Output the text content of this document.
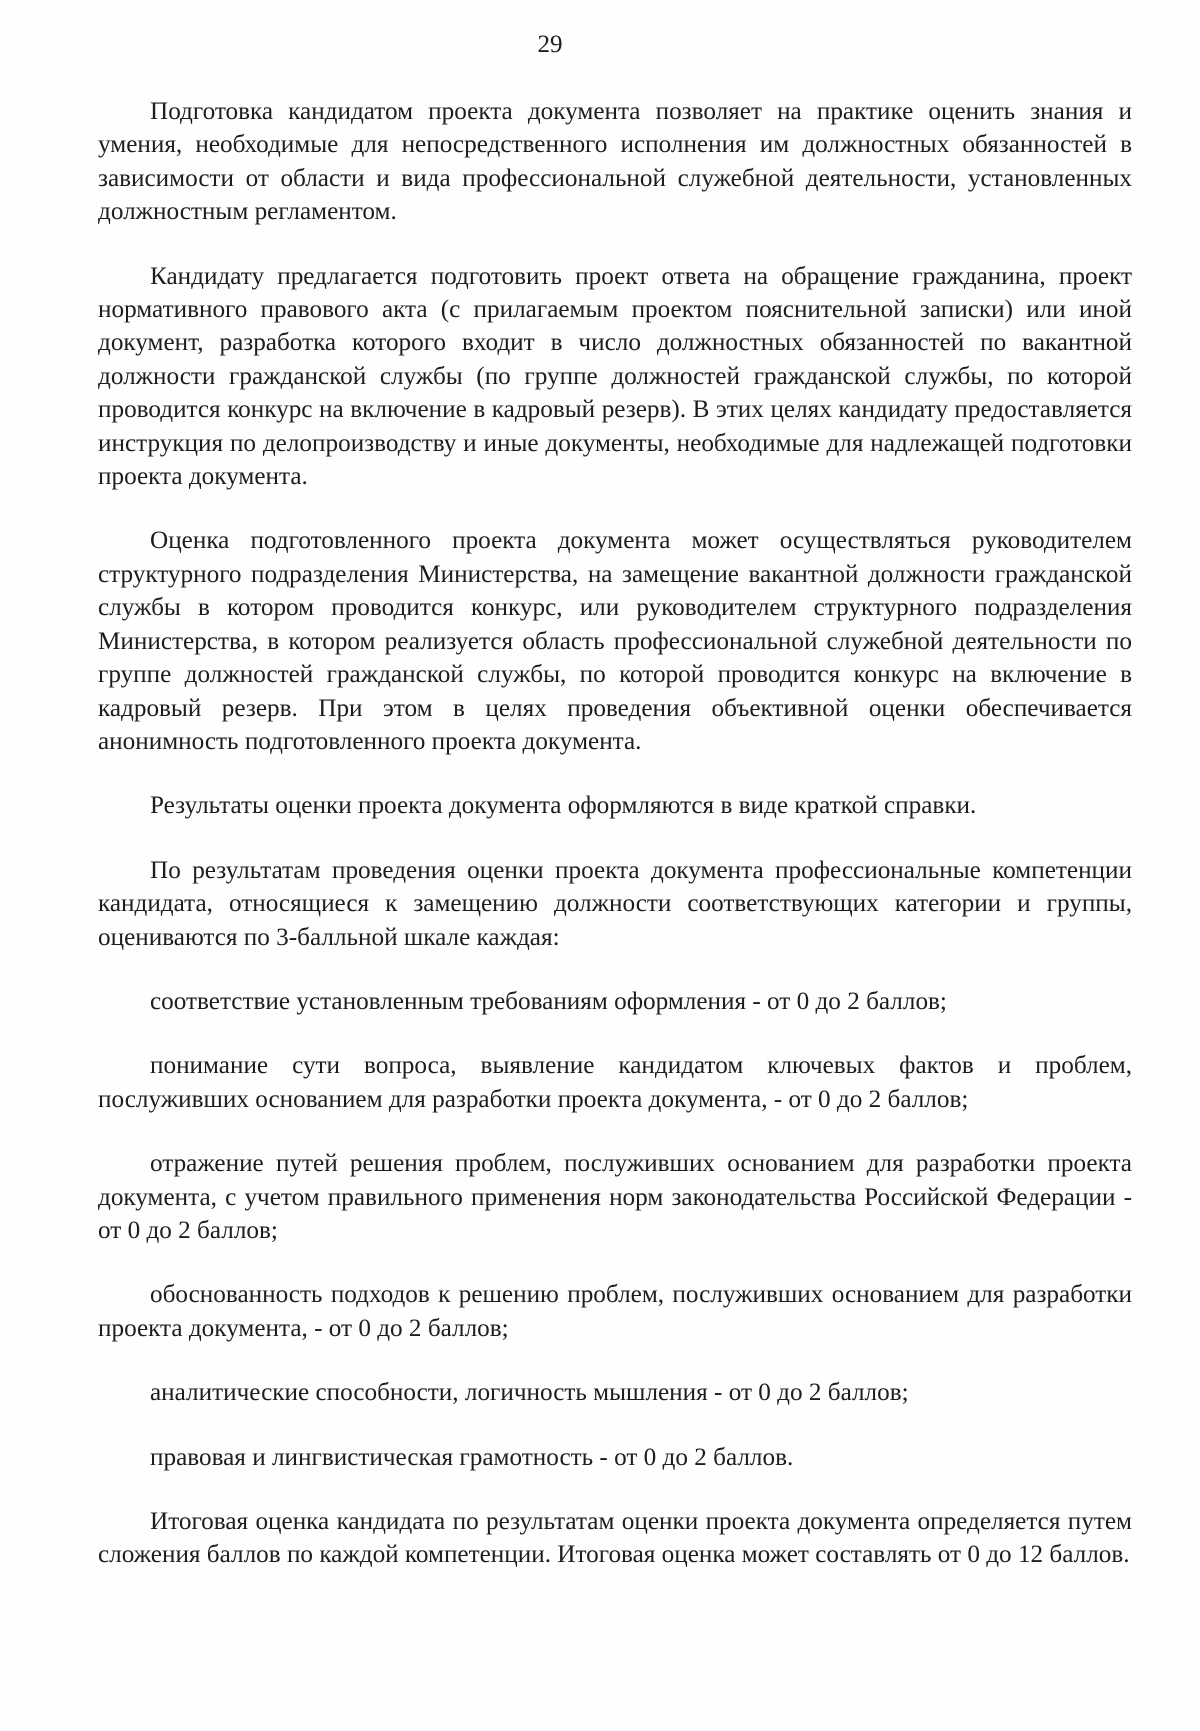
29

Подготовка кандидатом проекта документа позволяет на практике оценить знания и умения, необходимые для непосредственного исполнения им должностных обязанностей в зависимости от области и вида профессиональной служебной деятельности, установленных должностным регламентом.

Кандидату предлагается подготовить проект ответа на обращение гражданина, проект нормативного правового акта (с прилагаемым проектом пояснительной записки) или иной документ, разработка которого входит в число должностных обязанностей по вакантной должности гражданской службы (по группе должностей гражданской службы, по которой проводится конкурс на включение в кадровый резерв). В этих целях кандидату предоставляется инструкция по делопроизводству и иные документы, необходимые для надлежащей подготовки проекта документа.

Оценка подготовленного проекта документа может осуществляться руководителем структурного подразделения Министерства, на замещение вакантной должности гражданской службы в котором проводится конкурс, или руководителем структурного подразделения Министерства, в котором реализуется область профессиональной служебной деятельности по группе должностей гражданской службы, по которой проводится конкурс на включение в кадровый резерв. При этом в целях проведения объективной оценки обеспечивается анонимность подготовленного проекта документа.

Результаты оценки проекта документа оформляются в виде краткой справки.

По результатам проведения оценки проекта документа профессиональные компетенции кандидата, относящиеся к замещению должности соответствующих категории и группы, оцениваются по 3-балльной шкале каждая:

соответствие установленным требованиям оформления - от 0 до 2 баллов;

понимание сути вопроса, выявление кандидатом ключевых фактов и проблем, послуживших основанием для разработки проекта документа, - от 0 до 2 баллов;

отражение путей решения проблем, послуживших основанием для разработки проекта документа, с учетом правильного применения норм законодательства Российской Федерации - от 0 до 2 баллов;

обоснованность подходов к решению проблем, послуживших основанием для разработки проекта документа, - от 0 до 2 баллов;

аналитические способности, логичность мышления - от 0 до 2 баллов;

правовая и лингвистическая грамотность - от 0 до 2 баллов.

Итоговая оценка кандидата по результатам оценки проекта документа определяется путем сложения баллов по каждой компетенции. Итоговая оценка может составлять от 0 до 12 баллов.
